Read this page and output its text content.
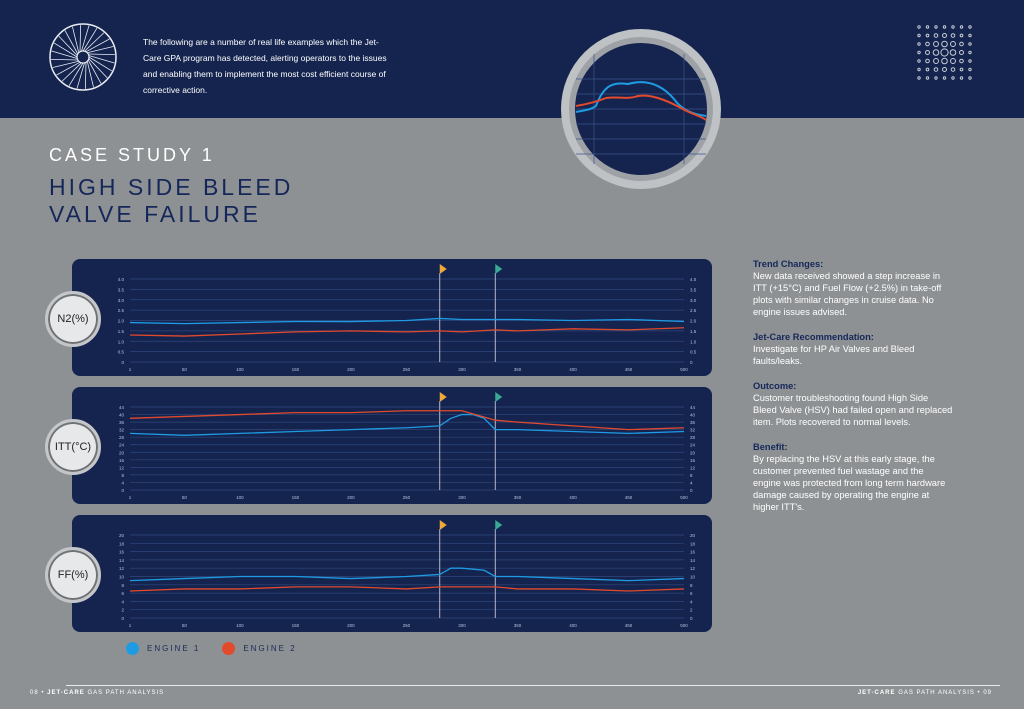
The following are a number of real life examples which the Jet-Care GPA program has detected, alerting operators to the issues and enabling them to implement the most cost efficient course of corrective action.
CASE STUDY 1
HIGH SIDE BLEED
VALVE FAILURE
4.0	4.0
3.5	3.5
3.0	3.0
2.5	2.5
2.0	2.0
1.5	1.5
1.0	1.0
0.5	0.5
0	0
1	50	100	150	200	250	300	350	400	450	500
44	44
40	40
36	36
32	32
28	28
24	24
20	20
16	16
12	12
8	8
4	4
0	0
1	50	100	150	200	250	300	350	400	450	500
20	20
18	18
16	16
14	14
12	12
10	10
8	8
6	6
4	4
2	2
0	0
1	50	100	150	200	250	300	350	400	450	500
N2(%)
ITT(°C)
FF(%)
ENGINE 1	ENGINE 2
Trend Changes:

New data received showed a step increase in ITT (+15°C) and Fuel Flow (+2.5%) in take-off plots with similar changes in cruise data. No engine issues advised.

Jet-Care Recommendation:

Investigate for HP Air Valves and Bleed faults/leaks.

Outcome:

Customer troubleshooting found High Side Bleed Valve (HSV) had failed open and replaced item. Plots recovered to normal levels.

Benefit:

By replacing the HSV at this early stage, the customer prevented fuel wastage and the engine was protected from long term hardware damage caused by operating the engine at higher ITT's.

08 • JET-CARE GAS PATH ANALYSIS	JET-CARE GAS PATH ANALYSIS • 09
